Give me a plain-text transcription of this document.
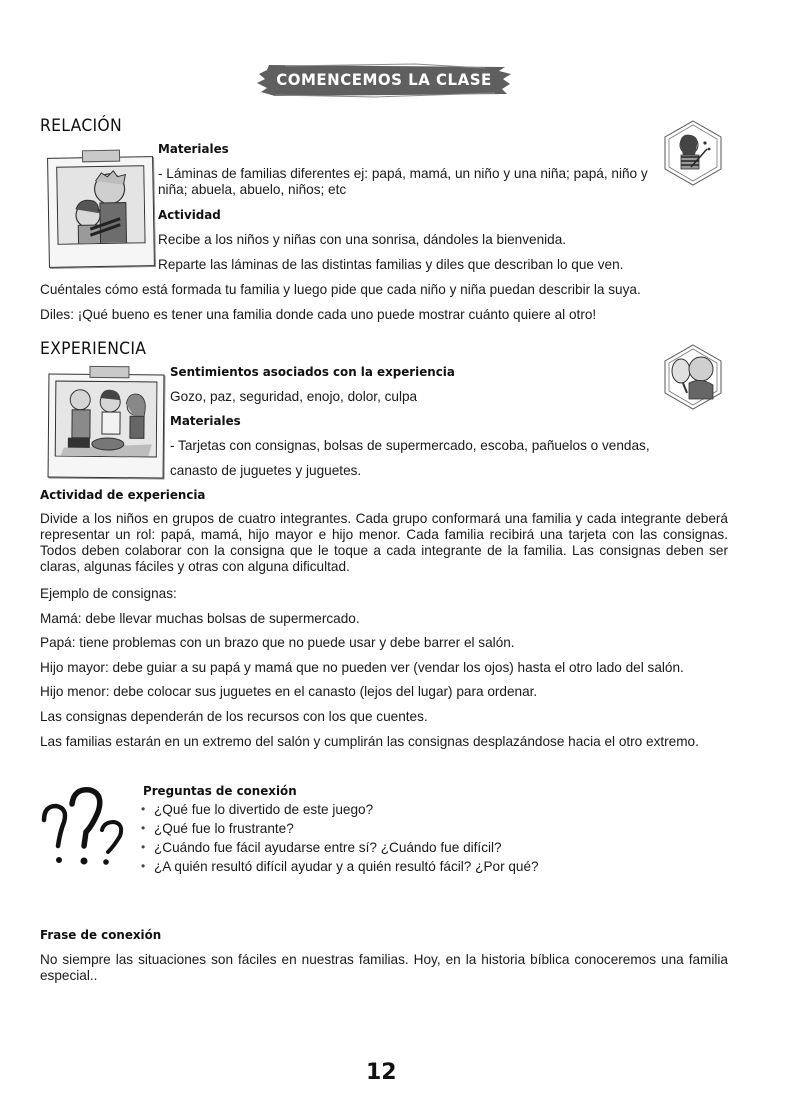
COMENCEMOS LA CLASE
RELACIÓN
Materiales
- Láminas de familias diferentes ej: papá, mamá, un niño y una niña; papá, niño y niña; abuela, abuelo, niños; etc
Actividad
Recibe a los niños y niñas con una sonrisa, dándoles la bienvenida.
Reparte las láminas de las distintas familias y diles que describan lo que ven.
Cuéntales cómo está formada tu familia y luego pide que cada niño y niña puedan describir la suya.
Diles: ¡Qué bueno es tener una familia donde cada uno puede mostrar cuánto quiere al otro!
EXPERIENCIA
Sentimientos asociados con la experiencia
Gozo, paz, seguridad, enojo, dolor, culpa
Materiales
- Tarjetas con consignas, bolsas de supermercado, escoba, pañuelos o vendas,
canasto de juguetes y juguetes.
Actividad de experiencia
Divide a los niños en grupos de cuatro integrantes. Cada grupo conformará una familia y cada integrante deberá representar un rol: papá, mamá, hijo mayor e hijo menor. Cada familia recibirá una tarjeta con las consignas. Todos deben colaborar con la consigna que le toque a cada integrante de la familia. Las consignas deben ser claras, algunas fáciles y otras con alguna dificultad.
Ejemplo de consignas:
Mamá: debe llevar muchas bolsas de supermercado.
Papá: tiene problemas con un brazo que no puede usar y debe barrer el salón.
Hijo mayor: debe guiar a su papá y mamá que no pueden ver (vendar los ojos) hasta el otro lado del salón.
Hijo menor: debe colocar sus juguetes en el canasto (lejos del lugar) para ordenar.
Las consignas dependerán de los recursos con los que cuentes.
Las familias estarán en un extremo del salón y cumplirán las consignas desplazándose hacia el otro extremo.
Preguntas de conexión
• ¿Qué fue lo divertido de este juego?
• ¿Qué fue lo frustrante?
• ¿Cuándo fue fácil ayudarse entre sí? ¿Cuándo fue difícil?
• ¿A quién resultó difícil ayudar y a quién resultó fácil? ¿Por qué?
Frase de conexión
No siempre las situaciones son fáciles en nuestras familias. Hoy, en la historia bíblica conoceremos una familia especial..
12
